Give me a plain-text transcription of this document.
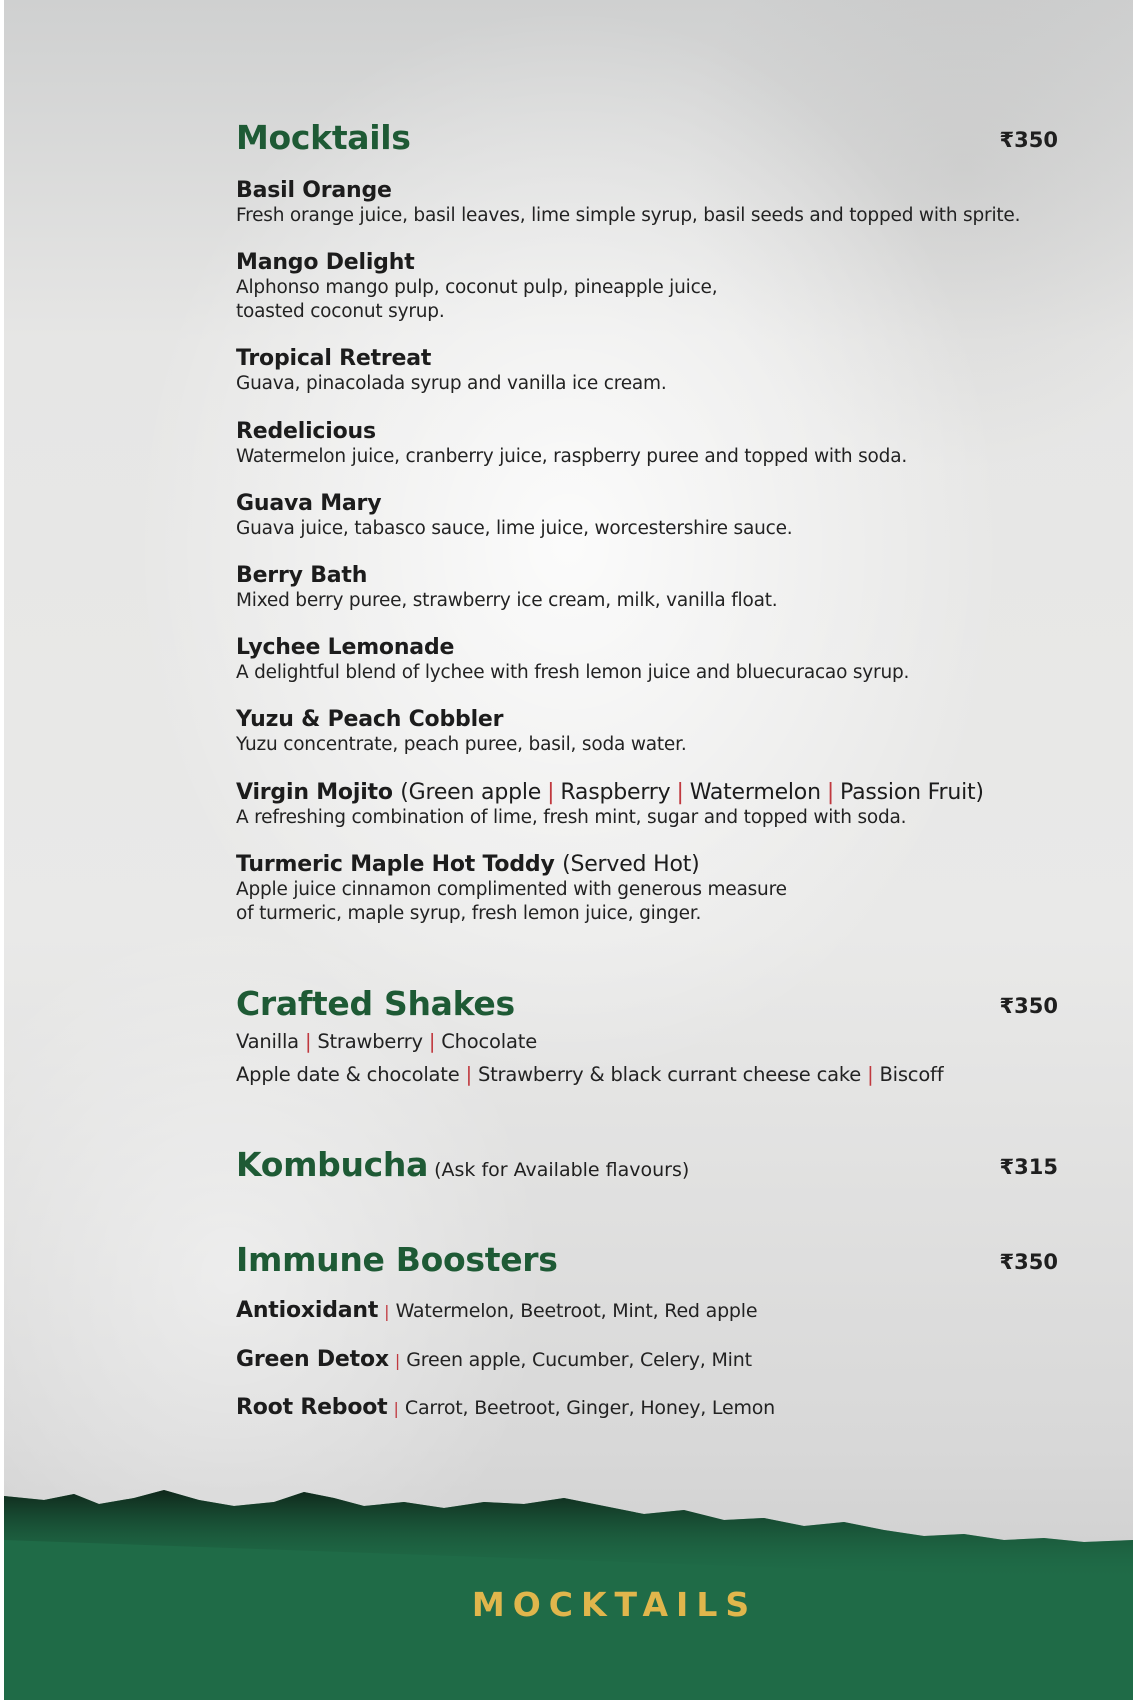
Mocktails	₹350
Basil Orange
Fresh orange juice, basil leaves, lime simple syrup, basil seeds and topped with sprite.
Mango Delight
Alphonso mango pulp, coconut pulp, pineapple juice,
toasted coconut syrup.
Tropical Retreat
Guava, pinacolada syrup and vanilla ice cream.
Redelicious
Watermelon juice, cranberry juice, raspberry puree and topped with soda.
Guava Mary
Guava juice, tabasco sauce, lime juice, worcestershire sauce.
Berry Bath
Mixed berry puree, strawberry ice cream, milk, vanilla float.
Lychee Lemonade
A delightful blend of lychee with fresh lemon juice and bluecuracao syrup.
Yuzu & Peach Cobbler
Yuzu concentrate, peach puree, basil, soda water.
Virgin Mojito (Green apple | Raspberry | Watermelon | Passion Fruit)
A refreshing combination of lime, fresh mint, sugar and topped with soda.
Turmeric Maple Hot Toddy (Served Hot)
Apple juice cinnamon complimented with generous measure
of turmeric, maple syrup, fresh lemon juice, ginger.
Crafted Shakes	₹350
Vanilla | Strawberry | Chocolate
Apple date & chocolate | Strawberry & black currant cheese cake | Biscoff
Kombucha (Ask for Available flavours)	₹315
Immune Boosters	₹350
Antioxidant | Watermelon, Beetroot, Mint, Red apple
Green Detox | Green apple, Cucumber, Celery, Mint
Root Reboot | Carrot, Beetroot, Ginger, Honey, Lemon
MOCKTAILS
